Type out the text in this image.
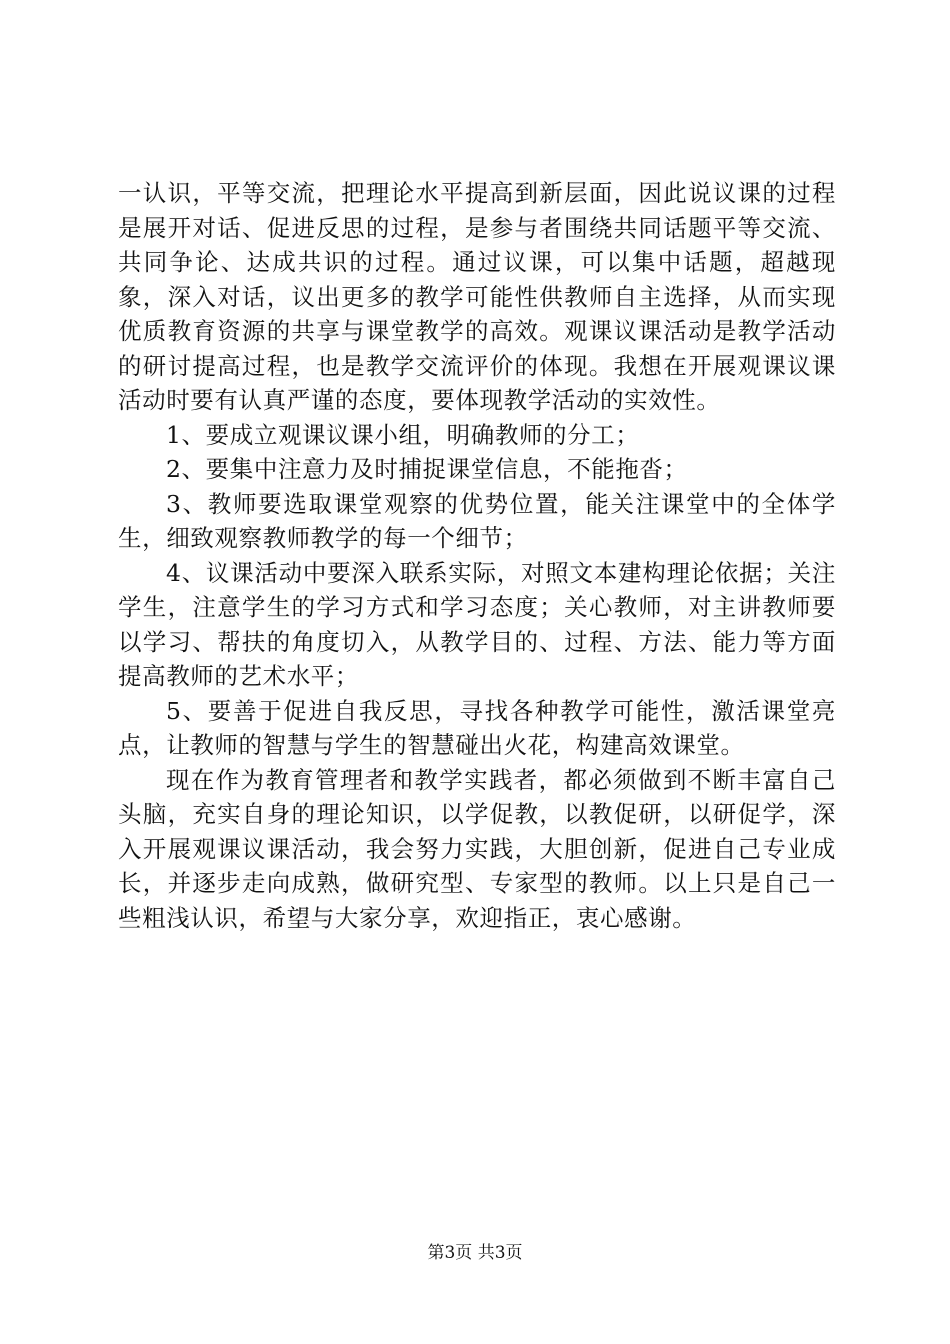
一认识，平等交流，把理论水平提高到新层面，因此说议课的过程是展开对话、促进反思的过程，是参与者围绕共同话题平等交流、共同争论、达成共识的过程。通过议课，可以集中话题，超越现象，深入对话，议出更多的教学可能性供教师自主选择，从而实现优质教育资源的共享与课堂教学的高效。观课议课活动是教学活动的研讨提高过程，也是教学交流评价的体现。我想在开展观课议课活动时要有认真严谨的态度，要体现教学活动的实效性。

1、要成立观课议课小组，明确教师的分工；

2、要集中注意力及时捕捉课堂信息，不能拖沓；

3、教师要选取课堂观察的优势位置，能关注课堂中的全体学生，细致观察教师教学的每一个细节；

4、议课活动中要深入联系实际，对照文本建构理论依据；关注学生，注意学生的学习方式和学习态度；关心教师，对主讲教师要以学习、帮扶的角度切入，从教学目的、过程、方法、能力等方面提高教师的艺术水平；

5、要善于促进自我反思，寻找各种教学可能性，激活课堂亮点，让教师的智慧与学生的智慧碰出火花，构建高效课堂。

现在作为教育管理者和教学实践者，都必须做到不断丰富自己头脑，充实自身的理论知识，以学促教，以教促研，以研促学，深入开展观课议课活动，我会努力实践，大胆创新，促进自己专业成长，并逐步走向成熟，做研究型、专家型的教师。以上只是自己一些粗浅认识，希望与大家分享，欢迎指正，衷心感谢。

第3页 共3页
